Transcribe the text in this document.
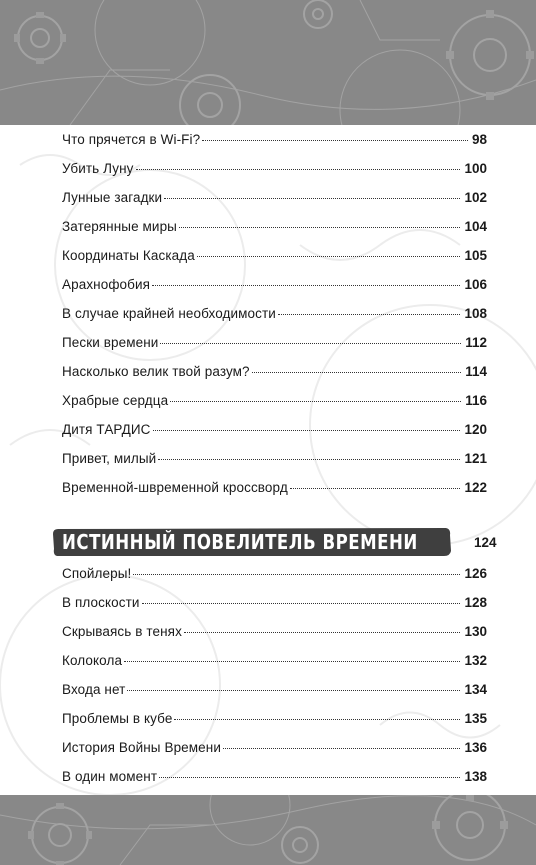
Что прячется в Wi-Fi?	98
Убить Луну	100
Лунные загадки	102
Затерянные миры	104
Координаты Каскада	105
Арахнофобия	106
В случае крайней необходимости	108
Пески времени	112
Насколько велик твой разум?	114
Храбрые сердца	116
Дитя ТАРДИС	120
Привет, милый	121
Временной-швременной кроссворд	122
ИСТИННЫЙ ПОВЕЛИТЕЛЬ ВРЕМЕНИ	124
Спойлеры!	126
В плоскости	128
Скрываясь в тенях	130
Колокола	132
Входа нет	134
Проблемы в кубе	135
История Войны Времени	136
В один момент	138
